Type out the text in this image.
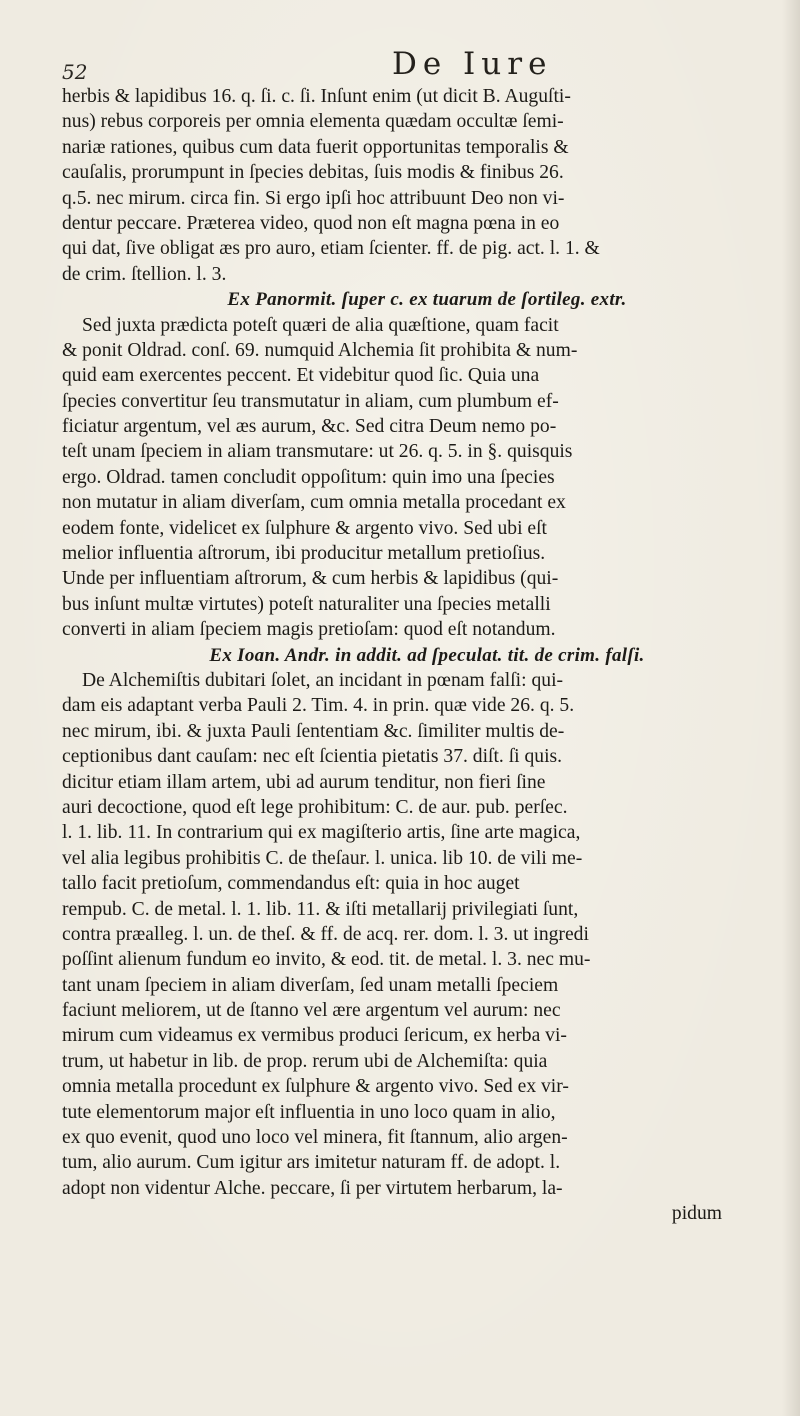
52	De Iure
herbis & lapidibus 16. q. ſi. c. ſi. Inſunt enim (ut dicit B. Auguſti-
nus) rebus corporeis per omnia elementa quædam occultæ ſemi-
nariæ rationes, quibus cum data fuerit opportunitas temporalis &
cauſalis, prorumpunt in ſpecies debitas, ſuis modis & finibus 26.
q.5. nec mirum. circa fin. Si ergo ipſi hoc attribuunt Deo non vi-
dentur peccare. Præterea video, quod non eſt magna pœna in eo
qui dat, ſive obligat æs pro auro, etiam ſcienter. ff. de pig. act. l. 1. &
de crim. ſtellion. l. 3.
Ex Panormit. ſuper c. ex tuarum de ſortileg. extr.
Sed juxta prædicta poteſt quæri de alia quæſtione, quam facit
& ponit Oldrad. conſ. 69. numquid Alchemia ſit prohibita & num-
quid eam exercentes peccent. Et videbitur quod ſic. Quia una
ſpecies convertitur ſeu transmutatur in aliam, cum plumbum ef-
ficiatur argentum, vel æs aurum, &c. Sed citra Deum nemo po-
teſt unam ſpeciem in aliam transmutare: ut 26. q. 5. in §. quisquis
ergo. Oldrad. tamen concludit oppoſitum: quin imo una ſpecies
non mutatur in aliam diverſam, cum omnia metalla procedant ex
eodem fonte, videlicet ex ſulphure & argento vivo. Sed ubi eſt
melior influentia aſtrorum, ibi producitur metallum pretioſius.
Unde per influentiam aſtrorum, & cum herbis & lapidibus (qui-
bus inſunt multæ virtutes) poteſt naturaliter una ſpecies metalli
converti in aliam ſpeciem magis pretioſam: quod eſt notandum.
Ex Ioan. Andr. in addit. ad ſpeculat. tit. de crim. falſi.
De Alchemiſtis dubitari ſolet, an incidant in pœnam falſi: qui-
dam eis adaptant verba Pauli 2. Tim. 4. in prin. quæ vide 26. q. 5.
nec mirum, ibi. & juxta Pauli ſententiam &c. ſimiliter multis de-
ceptionibus dant cauſam: nec eſt ſcientia pietatis 37. diſt. ſi quis.
dicitur etiam illam artem, ubi ad aurum tenditur, non fieri ſine
auri decoctione, quod eſt lege prohibitum: C. de aur. pub. perſec.
l. 1. lib. 11. In contrarium qui ex magiſterio artis, ſine arte magica,
vel alia legibus prohibitis C. de theſaur. l. unica. lib 10. de vili me-
tallo facit pretioſum, commendandus eſt: quia in hoc auget
rempub. C. de metal. l. 1. lib. 11. & iſti metallarij privilegiati ſunt,
contra præalleg. l. un. de theſ. & ff. de acq. rer. dom. l. 3. ut ingredi
poſſint alienum fundum eo invito, & eod. tit. de metal. l. 3. nec mu-
tant unam ſpeciem in aliam diverſam, ſed unam metalli ſpeciem
faciunt meliorem, ut de ſtanno vel ære argentum vel aurum: nec
mirum cum videamus ex vermibus produci ſericum, ex herba vi-
trum, ut habetur in lib. de prop. rerum ubi de Alchemiſta: quia
omnia metalla procedunt ex ſulphure & argento vivo. Sed ex vir-
tute elementorum major eſt influentia in uno loco quam in alio,
ex quo evenit, quod uno loco vel minera, fit ſtannum, alio argen-
tum, alio aurum. Cum igitur ars imitetur naturam ff. de adopt. l.
adopt non videntur Alche. peccare, ſi per virtutem herbarum, la-
pidum
